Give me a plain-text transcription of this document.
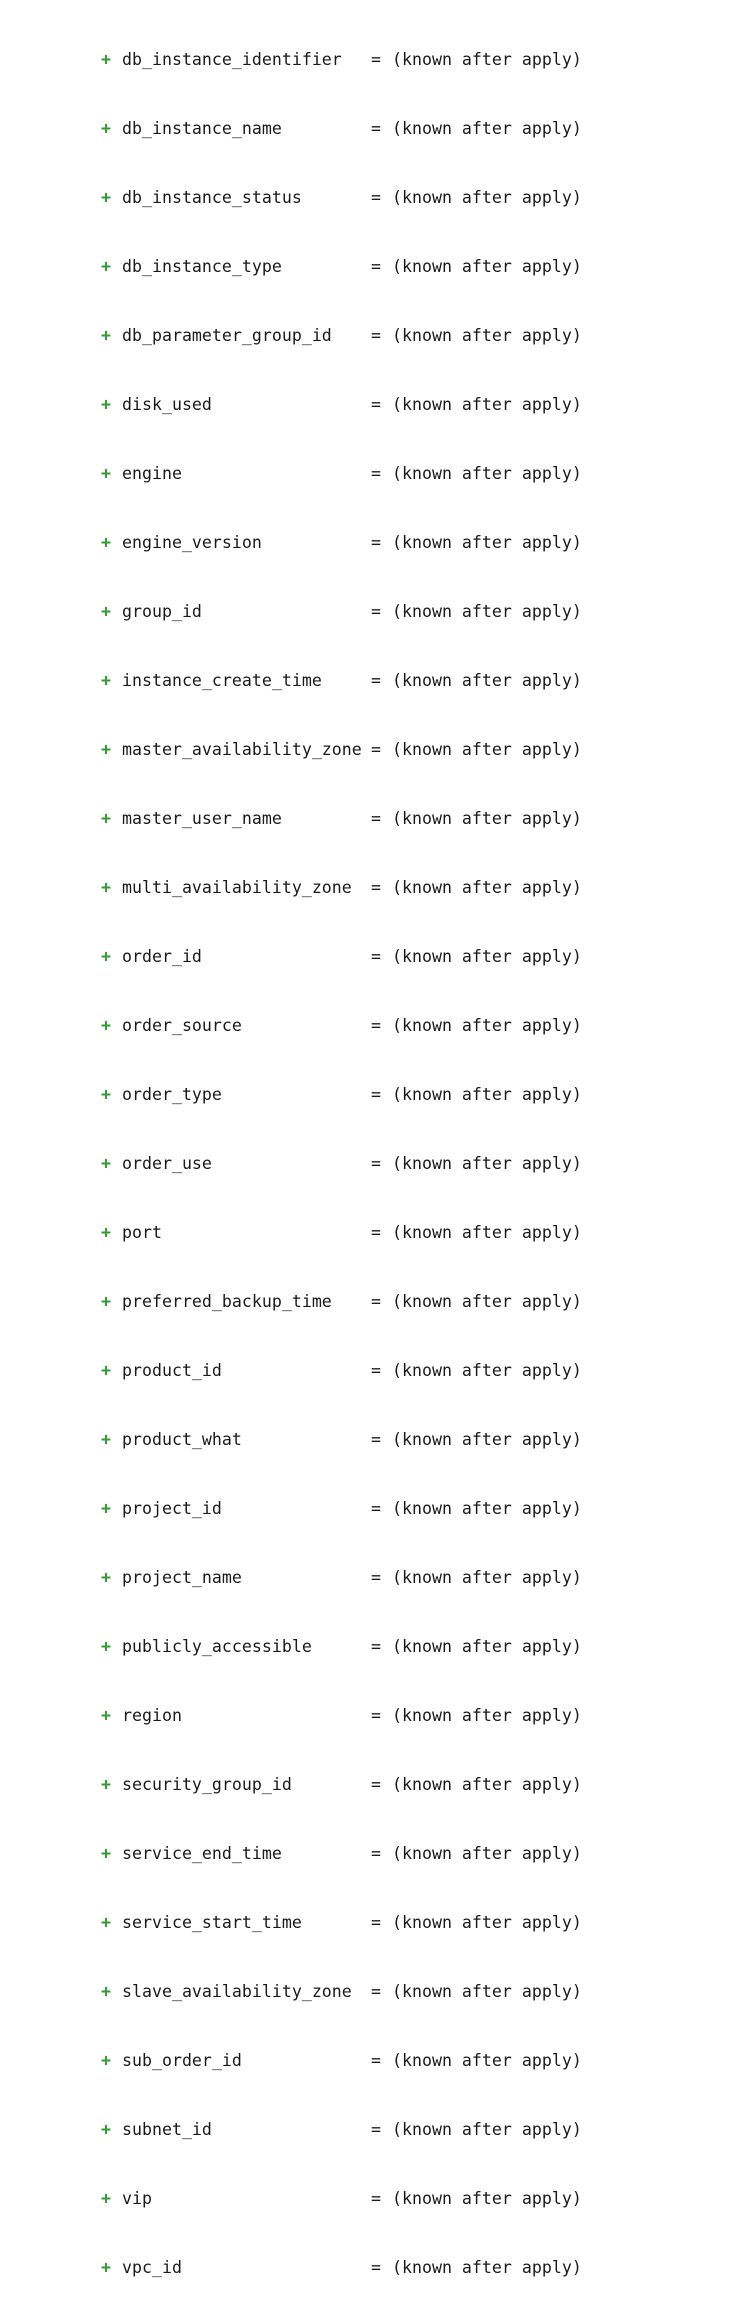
+ db_instance_identifier = (known after apply)

+ db_instance_name	= (known after apply)

+ db_instance_status	= (known after apply)

+ db_instance_type	= (known after apply)

+ db_parameter_group_id = (known after apply)

+ disk_used	= (known after apply)

+ engine	= (known after apply)

+ engine_version	= (known after apply)

+ group_id	= (known after apply)

+ instance_create_time	= (known after apply)

+ master_availability_zone = (known after apply)

+ master_user_name	= (known after apply)

+ multi_availability_zone = (known after apply)

+ order_id	= (known after apply)

+ order_source	= (known after apply)

+ order_type	= (known after apply)

+ order_use	= (known after apply)

+ port	= (known after apply)

+ preferred_backup_time = (known after apply)

+ product_id	= (known after apply)

+ product_what	= (known after apply)

+ project_id	= (known after apply)

+ project_name	= (known after apply)

+ publicly_accessible	= (known after apply)

+ region	= (known after apply)

+ security_group_id	= (known after apply)

+ service_end_time	= (known after apply)

+ service_start_time	= (known after apply)

+ slave_availability_zone = (known after apply)

+ sub_order_id	= (known after apply)

+ subnet_id	= (known after apply)

+ vip	= (known after apply)

+ vpc_id	= (known after apply)
